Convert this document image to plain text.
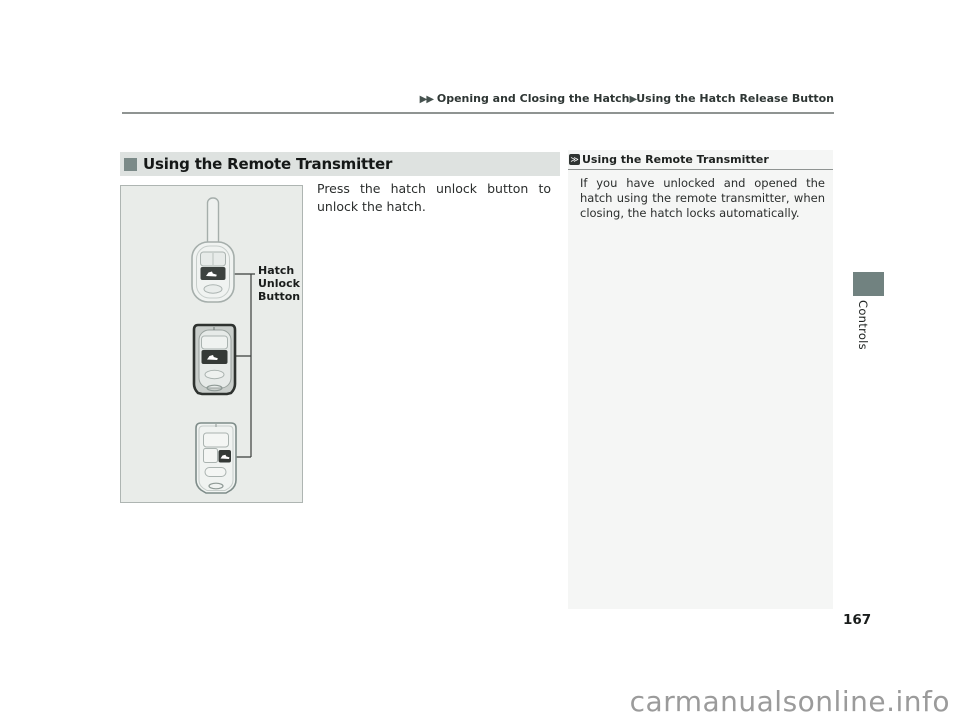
▶▶ Opening and Closing the Hatch▶Using the Hatch Release Button
Using the Remote Transmitter
Hatch Unlock Button

Press the hatch unlock button to unlock the hatch.

≫ Using the Remote Transmitter
If you have unlocked and opened the hatch using the remote transmitter, when closing, the hatch locks automatically.
Controls
167
carmanualsonline.info
